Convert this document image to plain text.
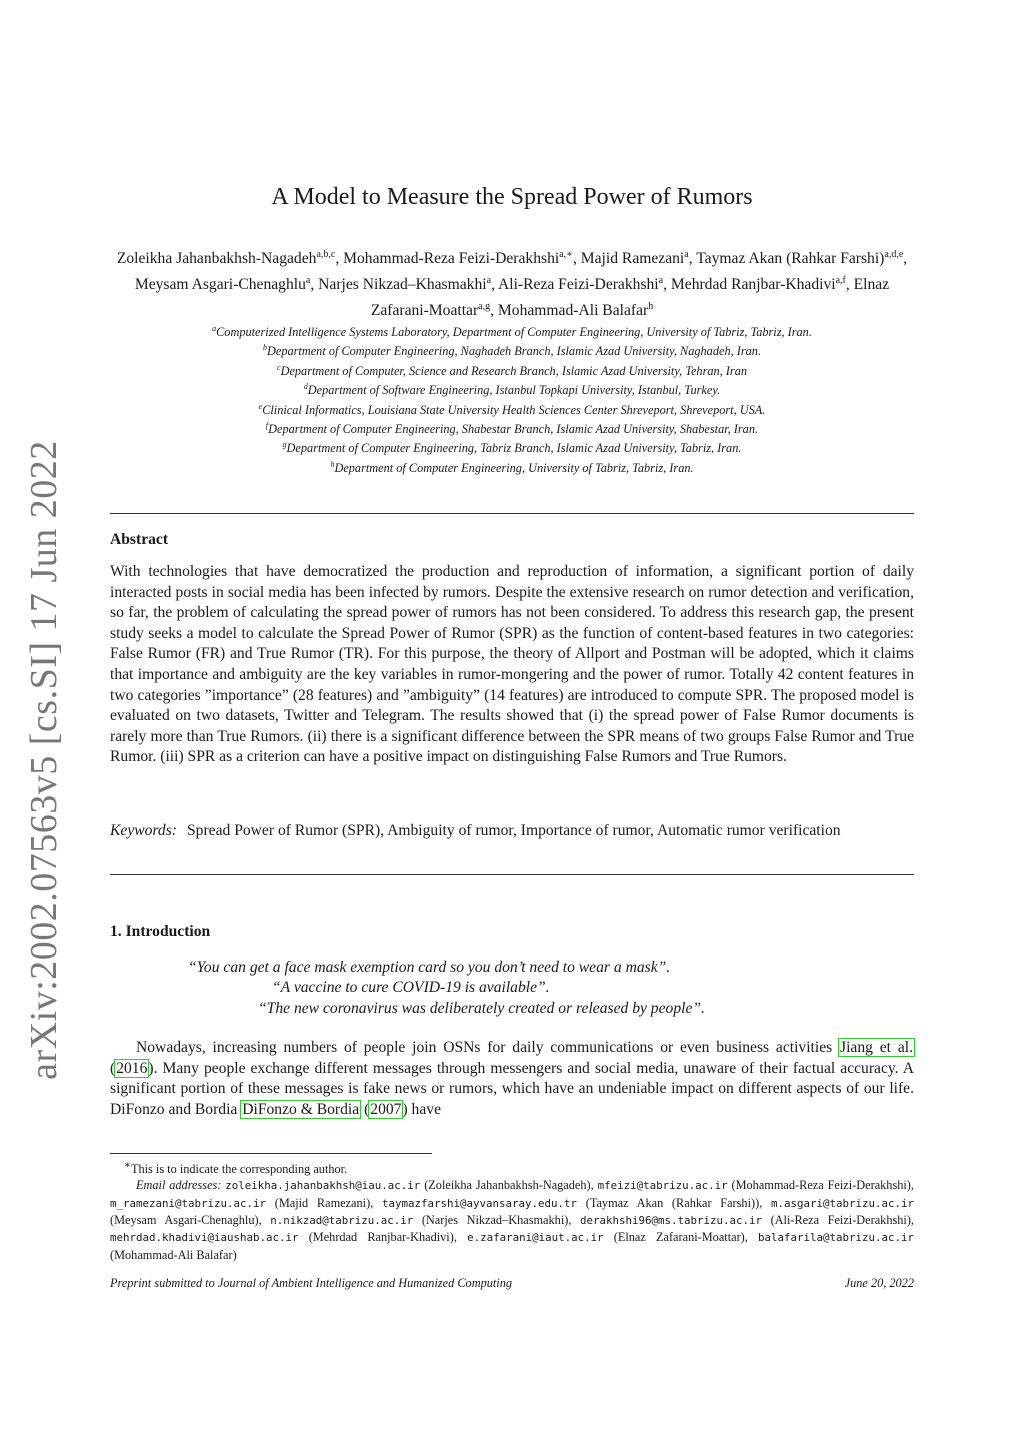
arXiv:2002.07563v5 [cs.SI] 17 Jun 2022
A Model to Measure the Spread Power of Rumors
Zoleikha Jahanbakhsh-Nagadeh$^{a,b,c}$, Mohammad-Reza Feizi-Derakhshi$^{a,∗}$, Majid Ramezani$^a$, Taymaz Akan (Rahkar Farshi)$^{a,d,e}$, Meysam Asgari-Chenaghlu$^a$, Narjes Nikzad–Khasmakhi$^a$, Ali-Reza Feizi-Derakhshi$^a$, Mehrdad Ranjbar-Khadivi$^{a,f}$, Elnaz Zafarani-Moattar$^{a,g}$, Mohammad-Ali Balafar$^h$
$^a$Computerized Intelligence Systems Laboratory, Department of Computer Engineering, University of Tabriz, Tabriz, Iran.
$^b$Department of Computer Engineering, Naghadeh Branch, Islamic Azad University, Naghadeh, Iran.
$^c$Department of Computer, Science and Research Branch, Islamic Azad University, Tehran, Iran
$^d$Department of Software Engineering, Istanbul Topkapi University, Istanbul, Turkey.
$^e$Clinical Informatics, Louisiana State University Health Sciences Center Shreveport, Shreveport, USA.
$^f$Department of Computer Engineering, Shabestar Branch, Islamic Azad University, Shabestar, Iran.
$^g$Department of Computer Engineering, Tabriz Branch, Islamic Azad University, Tabriz, Iran.
$^h$Department of Computer Engineering, University of Tabriz, Tabriz, Iran.
Abstract
With technologies that have democratized the production and reproduction of information, a significant portion of daily interacted posts in social media has been infected by rumors. Despite the extensive research on rumor detection and verification, so far, the problem of calculating the spread power of rumors has not been considered. To address this research gap, the present study seeks a model to calculate the Spread Power of Rumor (SPR) as the function of content-based features in two categories: False Rumor (FR) and True Rumor (TR). For this purpose, the theory of Allport and Postman will be adopted, which it claims that importance and ambiguity are the key variables in rumor-mongering and the power of rumor. Totally 42 content features in two categories ”importance” (28 features) and ”ambiguity” (14 features) are introduced to compute SPR. The proposed model is evaluated on two datasets, Twitter and Telegram. The results showed that (i) the spread power of False Rumor documents is rarely more than True Rumors. (ii) there is a significant difference between the SPR means of two groups False Rumor and True Rumor. (iii) SPR as a criterion can have a positive impact on distinguishing False Rumors and True Rumors.
Keywords: Spread Power of Rumor (SPR), Ambiguity of rumor, Importance of rumor, Automatic rumor verification
1. Introduction
“You can get a face mask exemption card so you don’t need to wear a mask”.
“A vaccine to cure COVID-19 is available”.
“The new coronavirus was deliberately created or released by people”.
Nowadays, increasing numbers of people join OSNs for daily communications or even business activities Jiang et al. (2016). Many people exchange different messages through messengers and social media, unaware of their factual accuracy. A significant portion of these messages is fake news or rumors, which have an undeniable impact on different aspects of our life. DiFonzo and Bordia DiFonzo & Bordia (2007) have
∗This is to indicate the corresponding author.
Email addresses: zoleikha.jahanbakhsh@iau.ac.ir (Zoleikha Jahanbakhsh-Nagadeh), mfeizi@tabrizu.ac.ir (Mohammad-Reza Feizi-Derakhshi), m_ramezani@tabrizu.ac.ir (Majid Ramezani), taymazfarshi@ayvansaray.edu.tr (Taymaz Akan (Rahkar Farshi)), m.asgari@tabrizu.ac.ir (Meysam Asgari-Chenaghlu), n.nikzad@tabrizu.ac.ir (Narjes Nikzad–Khasmakhi), derakhshi96@ms.tabrizu.ac.ir (Ali-Reza Feizi-Derakhshi), mehrdad.khadivi@iaushab.ac.ir (Mehrdad Ranjbar-Khadivi), e.zafarani@iaut.ac.ir (Elnaz Zafarani-Moattar), balafarila@tabrizu.ac.ir (Mohammad-Ali Balafar)
Preprint submitted to Journal of Ambient Intelligence and Humanized Computing	June 20, 2022
